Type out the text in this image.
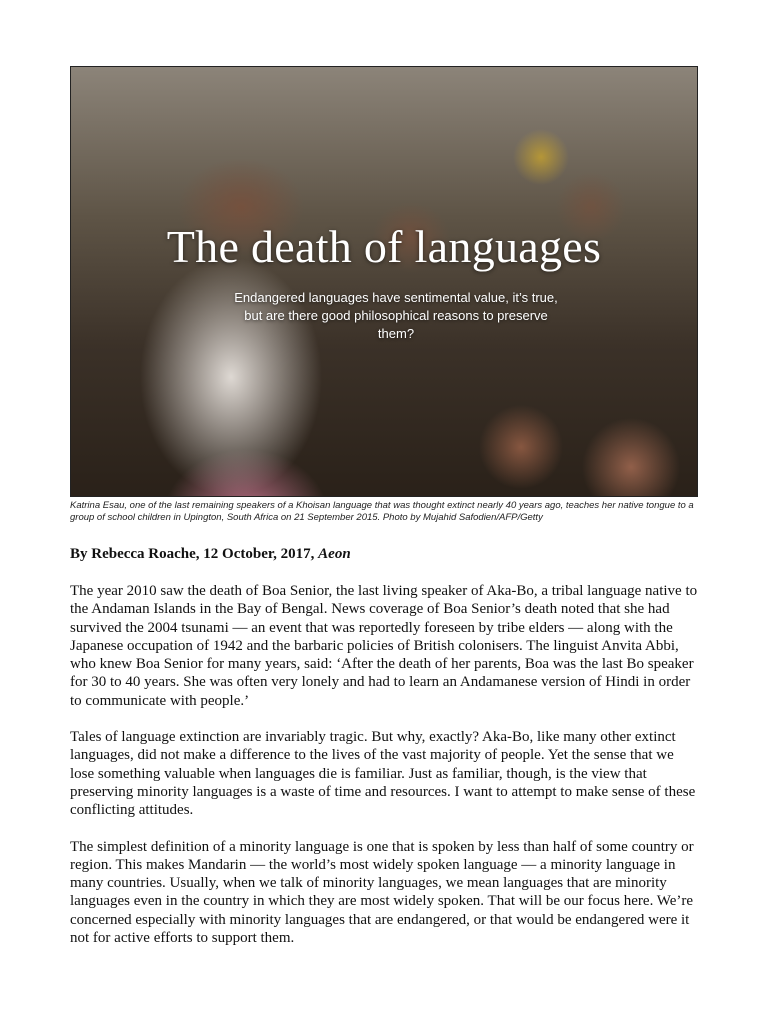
The death of languages

Endangered languages have sentimental value, it’s true, but are there good philosophical reasons to preserve them?

Katrina Esau, one of the last remaining speakers of a Khoisan language that was thought extinct nearly 40 years ago, teaches her native tongue to a group of school children in Upington, South Africa on 21 September 2015. Photo by Mujahid Safodien/AFP/Getty

By Rebecca Roache, 12 October, 2017, Aeon

The year 2010 saw the death of Boa Senior, the last living speaker of Aka-Bo, a tribal language native to the Andaman Islands in the Bay of Bengal. News coverage of Boa Senior’s death noted that she had survived the 2004 tsunami — an event that was reportedly foreseen by tribe elders — along with the Japanese occupation of 1942 and the barbaric policies of British colonisers. The linguist Anvita Abbi, who knew Boa Senior for many years, said: ‘After the death of her parents, Boa was the last Bo speaker for 30 to 40 years. She was often very lonely and had to learn an Andamanese version of Hindi in order to communicate with people.’

Tales of language extinction are invariably tragic. But why, exactly? Aka-Bo, like many other extinct languages, did not make a difference to the lives of the vast majority of people. Yet the sense that we lose something valuable when languages die is familiar. Just as familiar, though, is the view that preserving minority languages is a waste of time and resources. I want to attempt to make sense of these conflicting attitudes.

The simplest definition of a minority language is one that is spoken by less than half of some country or region. This makes Mandarin — the world’s most widely spoken language — a minority language in many countries. Usually, when we talk of minority languages, we mean languages that are minority languages even in the country in which they are most widely spoken. That will be our focus here. We’re concerned especially with minority languages that are endangered, or that would be endangered were it not for active efforts to support them.
